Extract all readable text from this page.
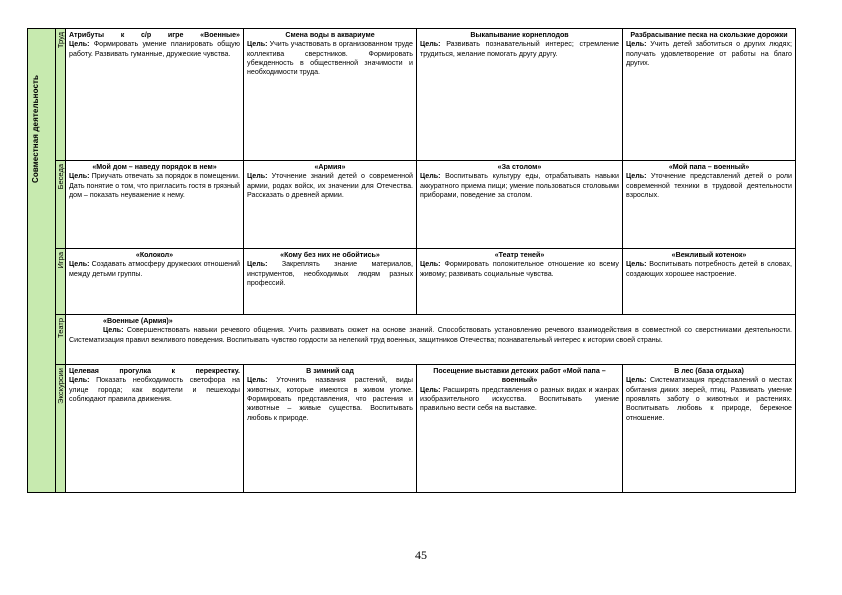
Совместная деятельность	Труд	Атрибуты к с/р игре «Военные»
Цель: Формировать умение планировать общую работу. Развивать гуманные, дружеские чувства.	Смена воды в аквариуме
Цель: Учить участвовать в организованном труде коллектива сверстников. Формировать убежденность в общественной значимости и необходимости труда.	Выкапывание корнеплодов
Цель: Развивать познавательный интерес; стремление трудиться, желание помогать другу другу.	Разбрасывание песка на скользкие дорожки
Цель: Учить детей заботиться о других людях; получать удовлетворение от работы на благо других.

	Беседа	«Мой дом – наведу порядок в нем»
Цель: Приучать отвечать за порядок в помещении. Дать понятие о том, что пригласить гостя в грязный дом – показать неуважение к нему.	«Армия»
Цель: Уточнение знаний детей о современной армии, родах войск, их значении для Отечества. Рассказать о древней армии.	«За столом»
Цель: Воспитывать культуру еды, отрабатывать навыки аккуратного приема пищи; умение пользоваться столовыми приборами, поведение за столом.	«Мой папа – военный»
Цель: Уточнение представлений детей о роли современной техники в трудовой деятельности взрослых.

	Игра	«Колокол»
Цель: Создавать атмосферу дружеских отношений между детьми группы.	«Кому без них не обойтись»
Цель: Закреплять знание материалов, инструментов, необходимых людям разных профессий.	«Театр теней»
Цель: Формировать положительное отношение ко всему живому; развивать социальные чувства.	«Вежливый котенок»
Цель: Воспитывать потребность детей в словах, создающих хорошее настроение.

	Театр	«Военные (Армия)»
Цель: Совершенствовать навыки речевого общения. Учить развивать сюжет на основе знаний. Способствовать установлению речевого взаимодействия в совместной со сверстниками деятельности. Систематизация правил вежливого поведения. Воспитывать чувство гордости за нелегкий труд военных, защитников Отечества; познавательный интерес к истории своей страны.			

	Экскурсии	Целевая прогулка к перекрестку.
Цель: Показать необходимость светофора на улице города; как водители и пешеходы соблюдают правила движения.	В зимний сад
Цель: Уточнить названия растений, виды животных, которые имеются в живом уголке. Формировать представления, что растения и животные – живые существа. Воспитывать любовь к природе.	Посещение выставки детских работ «Мой папа – военный»
Цель: Расширять представления о разных видах и жанрах изобразительного искусства. Воспитывать умение правильно вести себя на выставке.	В лес (база отдыха)
Цель: Систематизация представлений о местах обитания диких зверей, птиц. Развивать умение проявлять заботу о животных и растениях. Воспитывать любовь к природе, бережное отношение.
45
